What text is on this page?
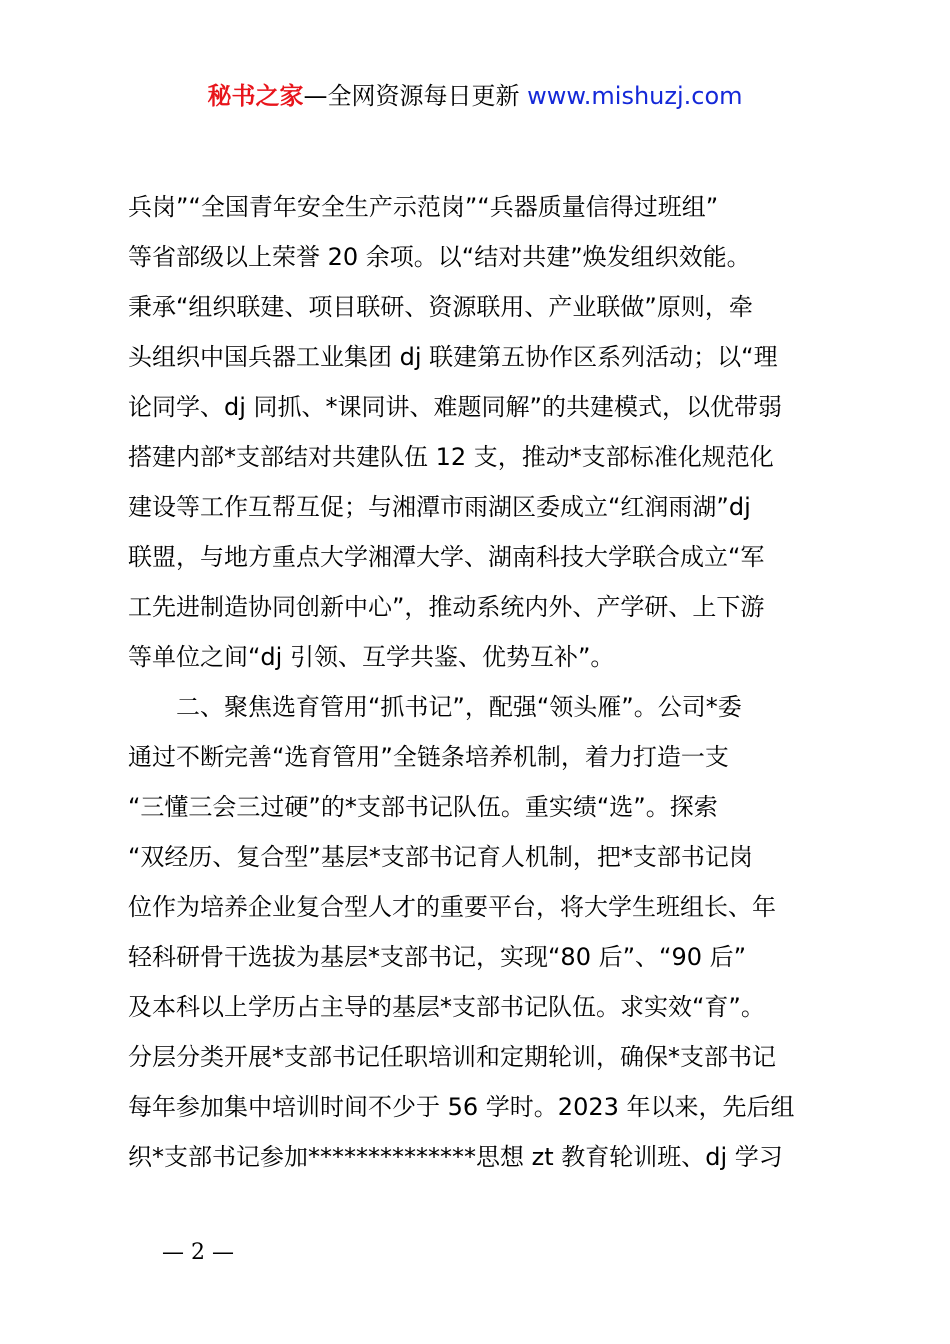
秘书之家—全网资源每日更新 www.mishuzj.com
兵岗”“全国青年安全生产示范岗”“兵器质量信得过班组”
等省部级以上荣誉 20 余项。以“结对共建”焕发组织效能。
秉承“组织联建、项目联研、资源联用、产业联做”原则，牵
头组织中国兵器工业集团 dj 联建第五协作区系列活动；以“理
论同学、dj 同抓、*课同讲、难题同解”的共建模式，以优带弱
搭建内部*支部结对共建队伍 12 支，推动*支部标准化规范化
建设等工作互帮互促；与湘潭市雨湖区委成立“红润雨湖”dj
联盟，与地方重点大学湘潭大学、湖南科技大学联合成立“军
工先进制造协同创新中心”，推动系统内外、产学研、上下游
等单位之间“dj 引领、互学共鉴、优势互补”。
二、聚焦选育管用“抓书记”，配强“领头雁”。公司*委
通过不断完善“选育管用”全链条培养机制，着力打造一支
“三懂三会三过硬”的*支部书记队伍。重实绩“选”。探索
“双经历、复合型”基层*支部书记育人机制，把*支部书记岗
位作为培养企业复合型人才的重要平台，将大学生班组长、年
轻科研骨干选拔为基层*支部书记，实现“80 后”、“90 后”
及本科以上学历占主导的基层*支部书记队伍。求实效“育”。
分层分类开展*支部书记任职培训和定期轮训，确保*支部书记
每年参加集中培训时间不少于 56 学时。2023 年以来，先后组
织*支部书记参加**************思想 zt 教育轮训班、dj 学习
— 2 —
